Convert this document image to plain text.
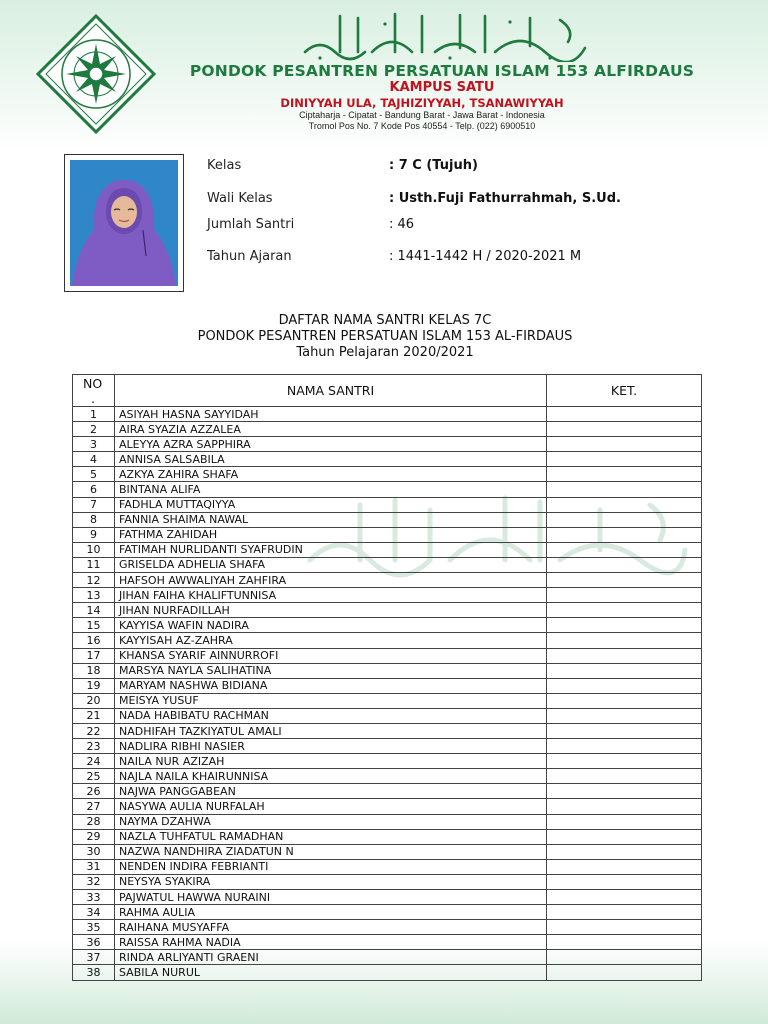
PONDOK PESANTREN PERSATUAN ISLAM 153 ALFIRDAUS
KAMPUS SATU
DINIYYAH ULA, TAJHIZIYYAH, TSANAWIYYAH
Ciptaharja - Cipatat - Bandung Barat - Jawa Barat - Indonesia
Tromol Pos No. 7 Kode Pos 40554 - Telp. (022) 6900510
Kelas	: 7 C (Tujuh)
Wali Kelas	: Usth.Fuji Fathurrahmah, S.Ud.
Jumlah Santri	: 46
Tahun Ajaran	: 1441-1442 H / 2020-2021 M
DAFTAR NAMA SANTRI KELAS 7C
PONDOK PESANTREN PERSATUAN ISLAM 153 AL-FIRDAUS
Tahun Pelajaran 2020/2021
NO
.	NAMA SANTRI	KET.
1	ASIYAH HASNA SAYYIDAH	
2	AIRA SYAZIA AZZALEA	
3	ALEYYA AZRA SAPPHIRA	
4	ANNISA SALSABILA	
5	AZKYA ZAHIRA SHAFA	
6	BINTANA ALIFA	
7	FADHLA MUTTAQIYYA	
8	FANNIA SHAIMA NAWAL	
9	FATHMA ZAHIDAH	
10	FATIMAH NURLIDANTI SYAFRUDIN	
11	GRISELDA ADHELIA SHAFA	
12	HAFSOH AWWALIYAH ZAHFIRA	
13	JIHAN FAIHA KHALIFTUNNISA	
14	JIHAN NURFADILLAH	
15	KAYYISA WAFIN NADIRA	
16	KAYYISAH AZ-ZAHRA	
17	KHANSA SYARIF AINNURROFI	
18	MARSYA NAYLA SALIHATINA	
19	MARYAM NASHWA BIDIANA	
20	MEISYA YUSUF	
21	NADA HABIBATU RACHMAN	
22	NADHIFAH TAZKIYATUL AMALI	
23	NADLIRA RIBHI NASIER	
24	NAILA NUR AZIZAH	
25	NAJLA NAILA KHAIRUNNISA	
26	NAJWA PANGGABEAN	
27	NASYWA AULIA NURFALAH	
28	NAYMA DZAHWA	
29	NAZLA TUHFATUL RAMADHAN	
30	NAZWA NANDHIRA ZIADATUN N	
31	NENDEN INDIRA FEBRIANTI	
32	NEYSYA SYAKIRA	
33	PAJWATUL HAWWA NURAINI	
34	RAHMA AULIA	
35	RAIHANA MUSYAFFA	
36	RAISSA RAHMA NADIA	
37	RINDA ARLIYANTI GRAENI	
38	SABILA NURUL	
